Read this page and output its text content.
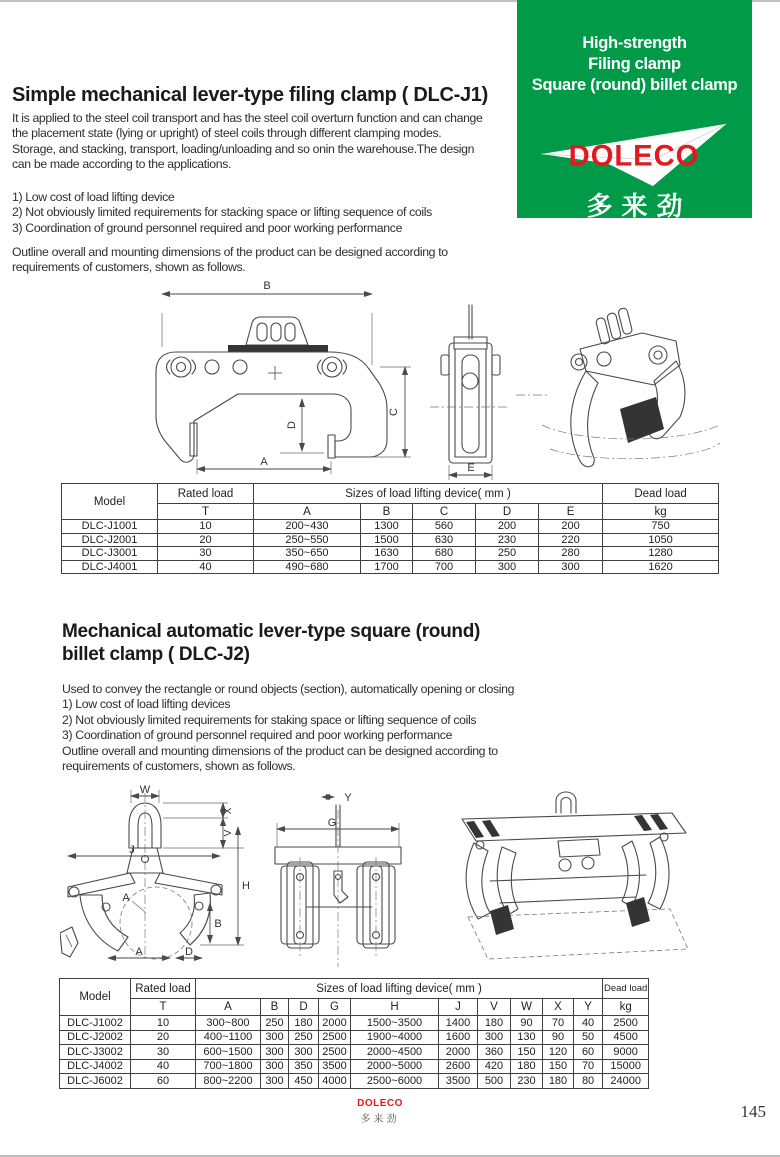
High-strength
Filing clamp
Square (round) billet clamp
DOLECO
多来劲
Simple mechanical lever-type filing clamp ( DLC-J1)
It is applied to the steel coil transport and has the steel coil overturn function and can change
the placement state (lying or upright) of steel coils through different clamping modes.
Storage, and stacking, transport, loading/unloading and so onin the warehouse.The design
can be made according to the applications.
1) Low cost of load lifting device
2) Not obviously limited requirements for stacking space or lifting sequence of coils
3) Coordination of ground personnel required and poor working performance
Outline overall and mounting dimensions of the product can be designed according to
requirements of customers, shown as follows.
B
C
D
A	E
Model	Rated load	Sizes of load lifting device( mm )					Dead load
	T	A	B	C	D	E	kg
DLC-J1001	10	200~430	1300	560	200	200	750
DLC-J2001	20	250~550	1500	630	230	220	1050
DLC-J3001	30	350~650	1630	680	250	280	1280
DLC-J4001	40	490~680	1700	700	300	300	1620
Mechanical automatic lever-type square (round)
billet clamp ( DLC-J2)
Used to convey the rectangle or round objects (section), automatically opening or closing
1) Low cost of load lifting devices
2) Not obviously limited requirements for staking space or lifting sequence of coils
3) Coordination of ground personnel required and poor working performance
Outline overall and mounting dimensions of the product can be designed according to
requirements of customers, shown as follows.
W
X
V
J
A
B
H
A	D
Y
G
Model	Rated load	Sizes of load lifting device( mm )										Dead load
	T	A	B	D	G	H	J	V	W	X	Y	kg
DLC-J1002	10	300~800	250	180	2000	1500~3500	1400	180	90	70	40	2500
DLC-J2002	20	400~1100	300	250	2500	1900~4000	1600	300	130	90	50	4500
DLC-J3002	30	600~1500	300	300	2500	2000~4500	2000	360	150	120	60	9000
DLC-J4002	40	700~1800	300	350	3500	2000~5000	2600	420	180	150	70	15000
DLC-J6002	60	800~2200	300	450	4000	2500~6000	3500	500	230	180	80	24000
DOLECO
多来劲	145
